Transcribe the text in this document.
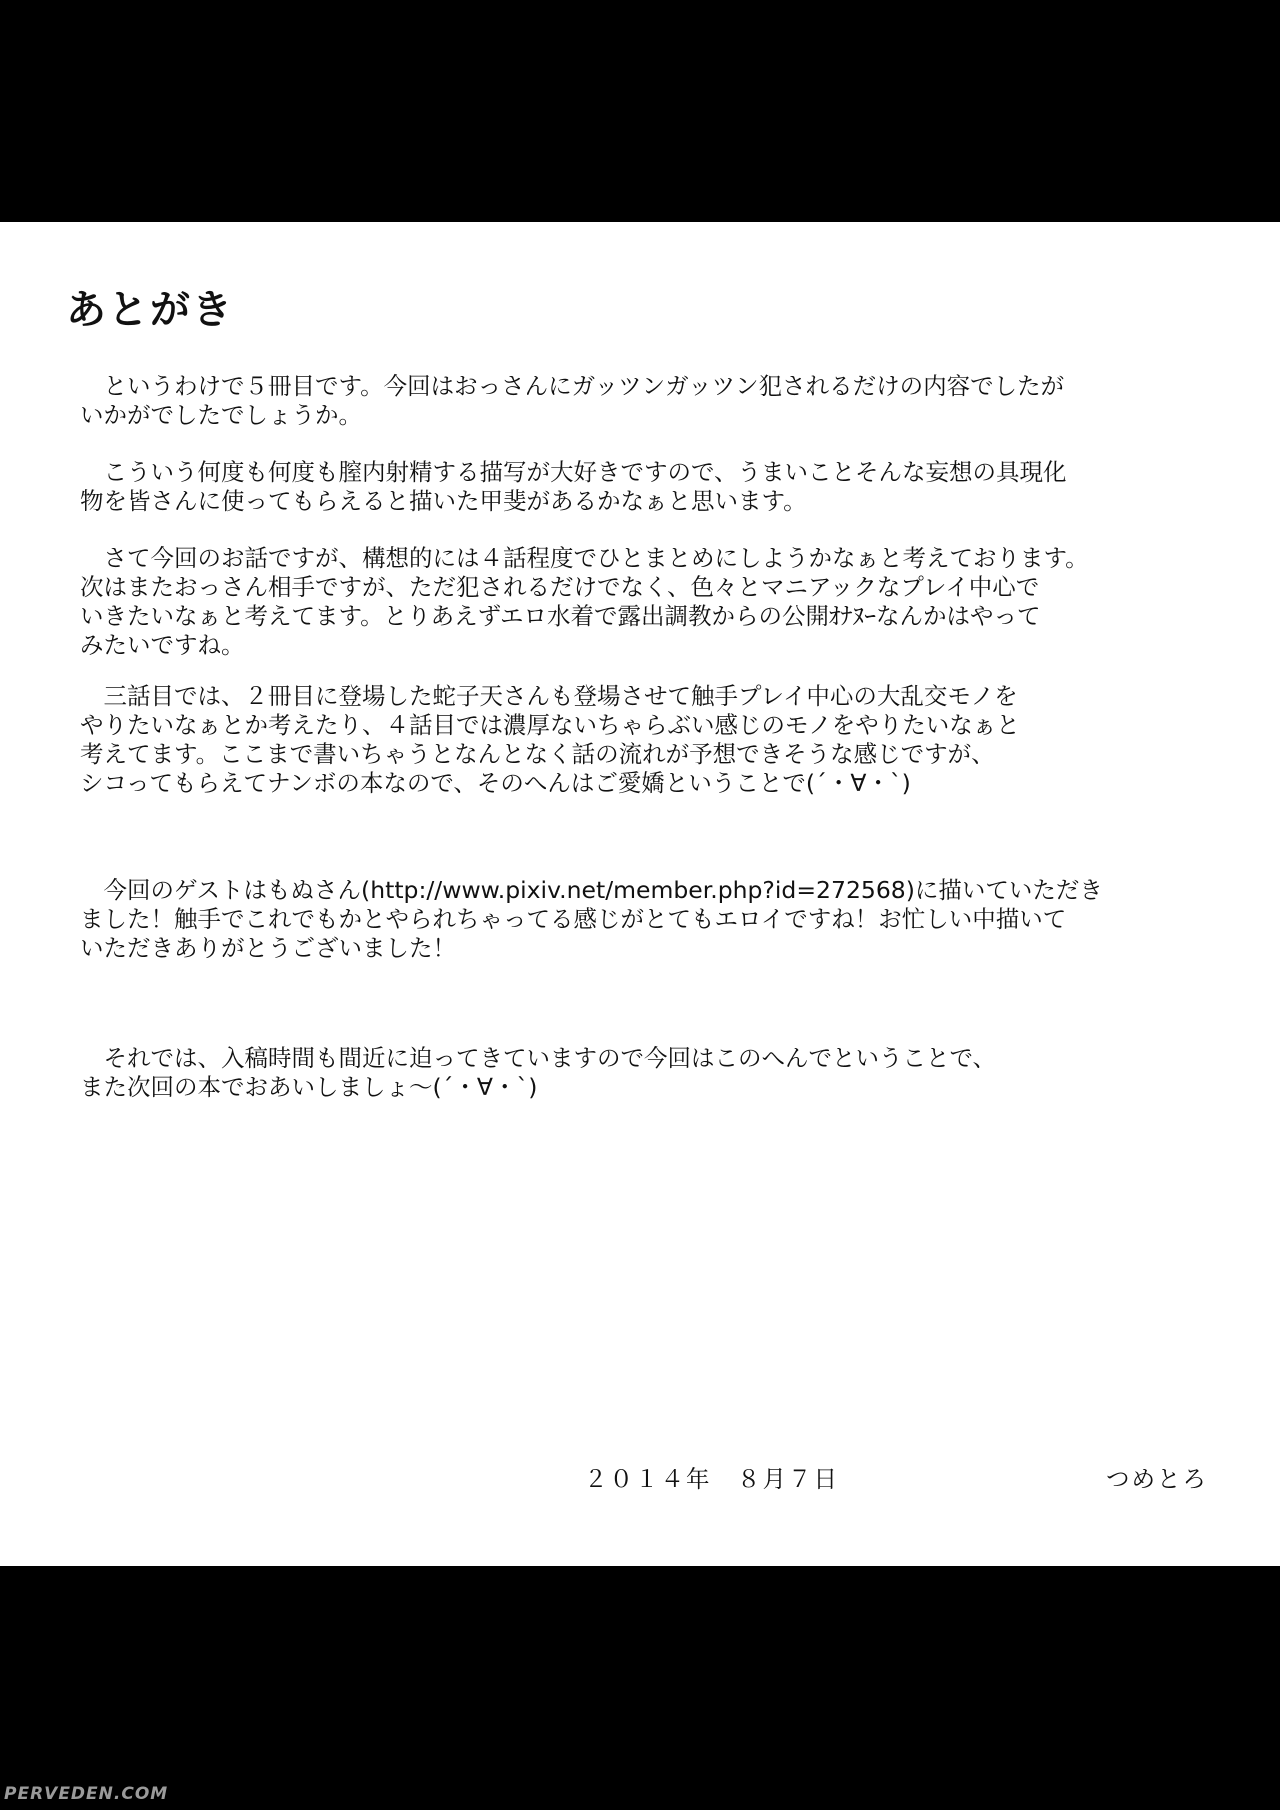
あとがき

　というわけで５冊目です。今回はおっさんにガッツンガッツン犯されるだけの内容でしたが
いかがでしたでしょうか。

　こういう何度も何度も膣内射精する描写が大好きですので、うまいことそんな妄想の具現化
物を皆さんに使ってもらえると描いた甲斐があるかなぁと思います。

　さて今回のお話ですが、構想的には４話程度でひとまとめにしようかなぁと考えております。
次はまたおっさん相手ですが、ただ犯されるだけでなく、色々とマニアックなプレイ中心で
いきたいなぁと考えてます。とりあえずエロ水着で露出調教からの公開ｵﾅﾇｰなんかはやって
みたいですね。

　三話目では、２冊目に登場した蛇子天さんも登場させて触手プレイ中心の大乱交モノを
やりたいなぁとか考えたり、４話目では濃厚ないちゃらぶい感じのモノをやりたいなぁと
考えてます。ここまで書いちゃうとなんとなく話の流れが予想できそうな感じですが、
シコってもらえてナンボの本なので、そのへんはご愛嬌ということで(´・∀・`)

　今回のゲストはもぬさん(http://www.pixiv.net/member.php?id=272568)に描いていただき
ました！触手でこれでもかとやられちゃってる感じがとてもエロイですね！お忙しい中描いて
いただきありがとうございました！

　それでは、入稿時間も間近に迫ってきていますので今回はこのへんでということで、
また次回の本でおあいしましょ～(´・∀・`)

２０１４年　８月７日	つめとろ

PERVEDEN.COM
